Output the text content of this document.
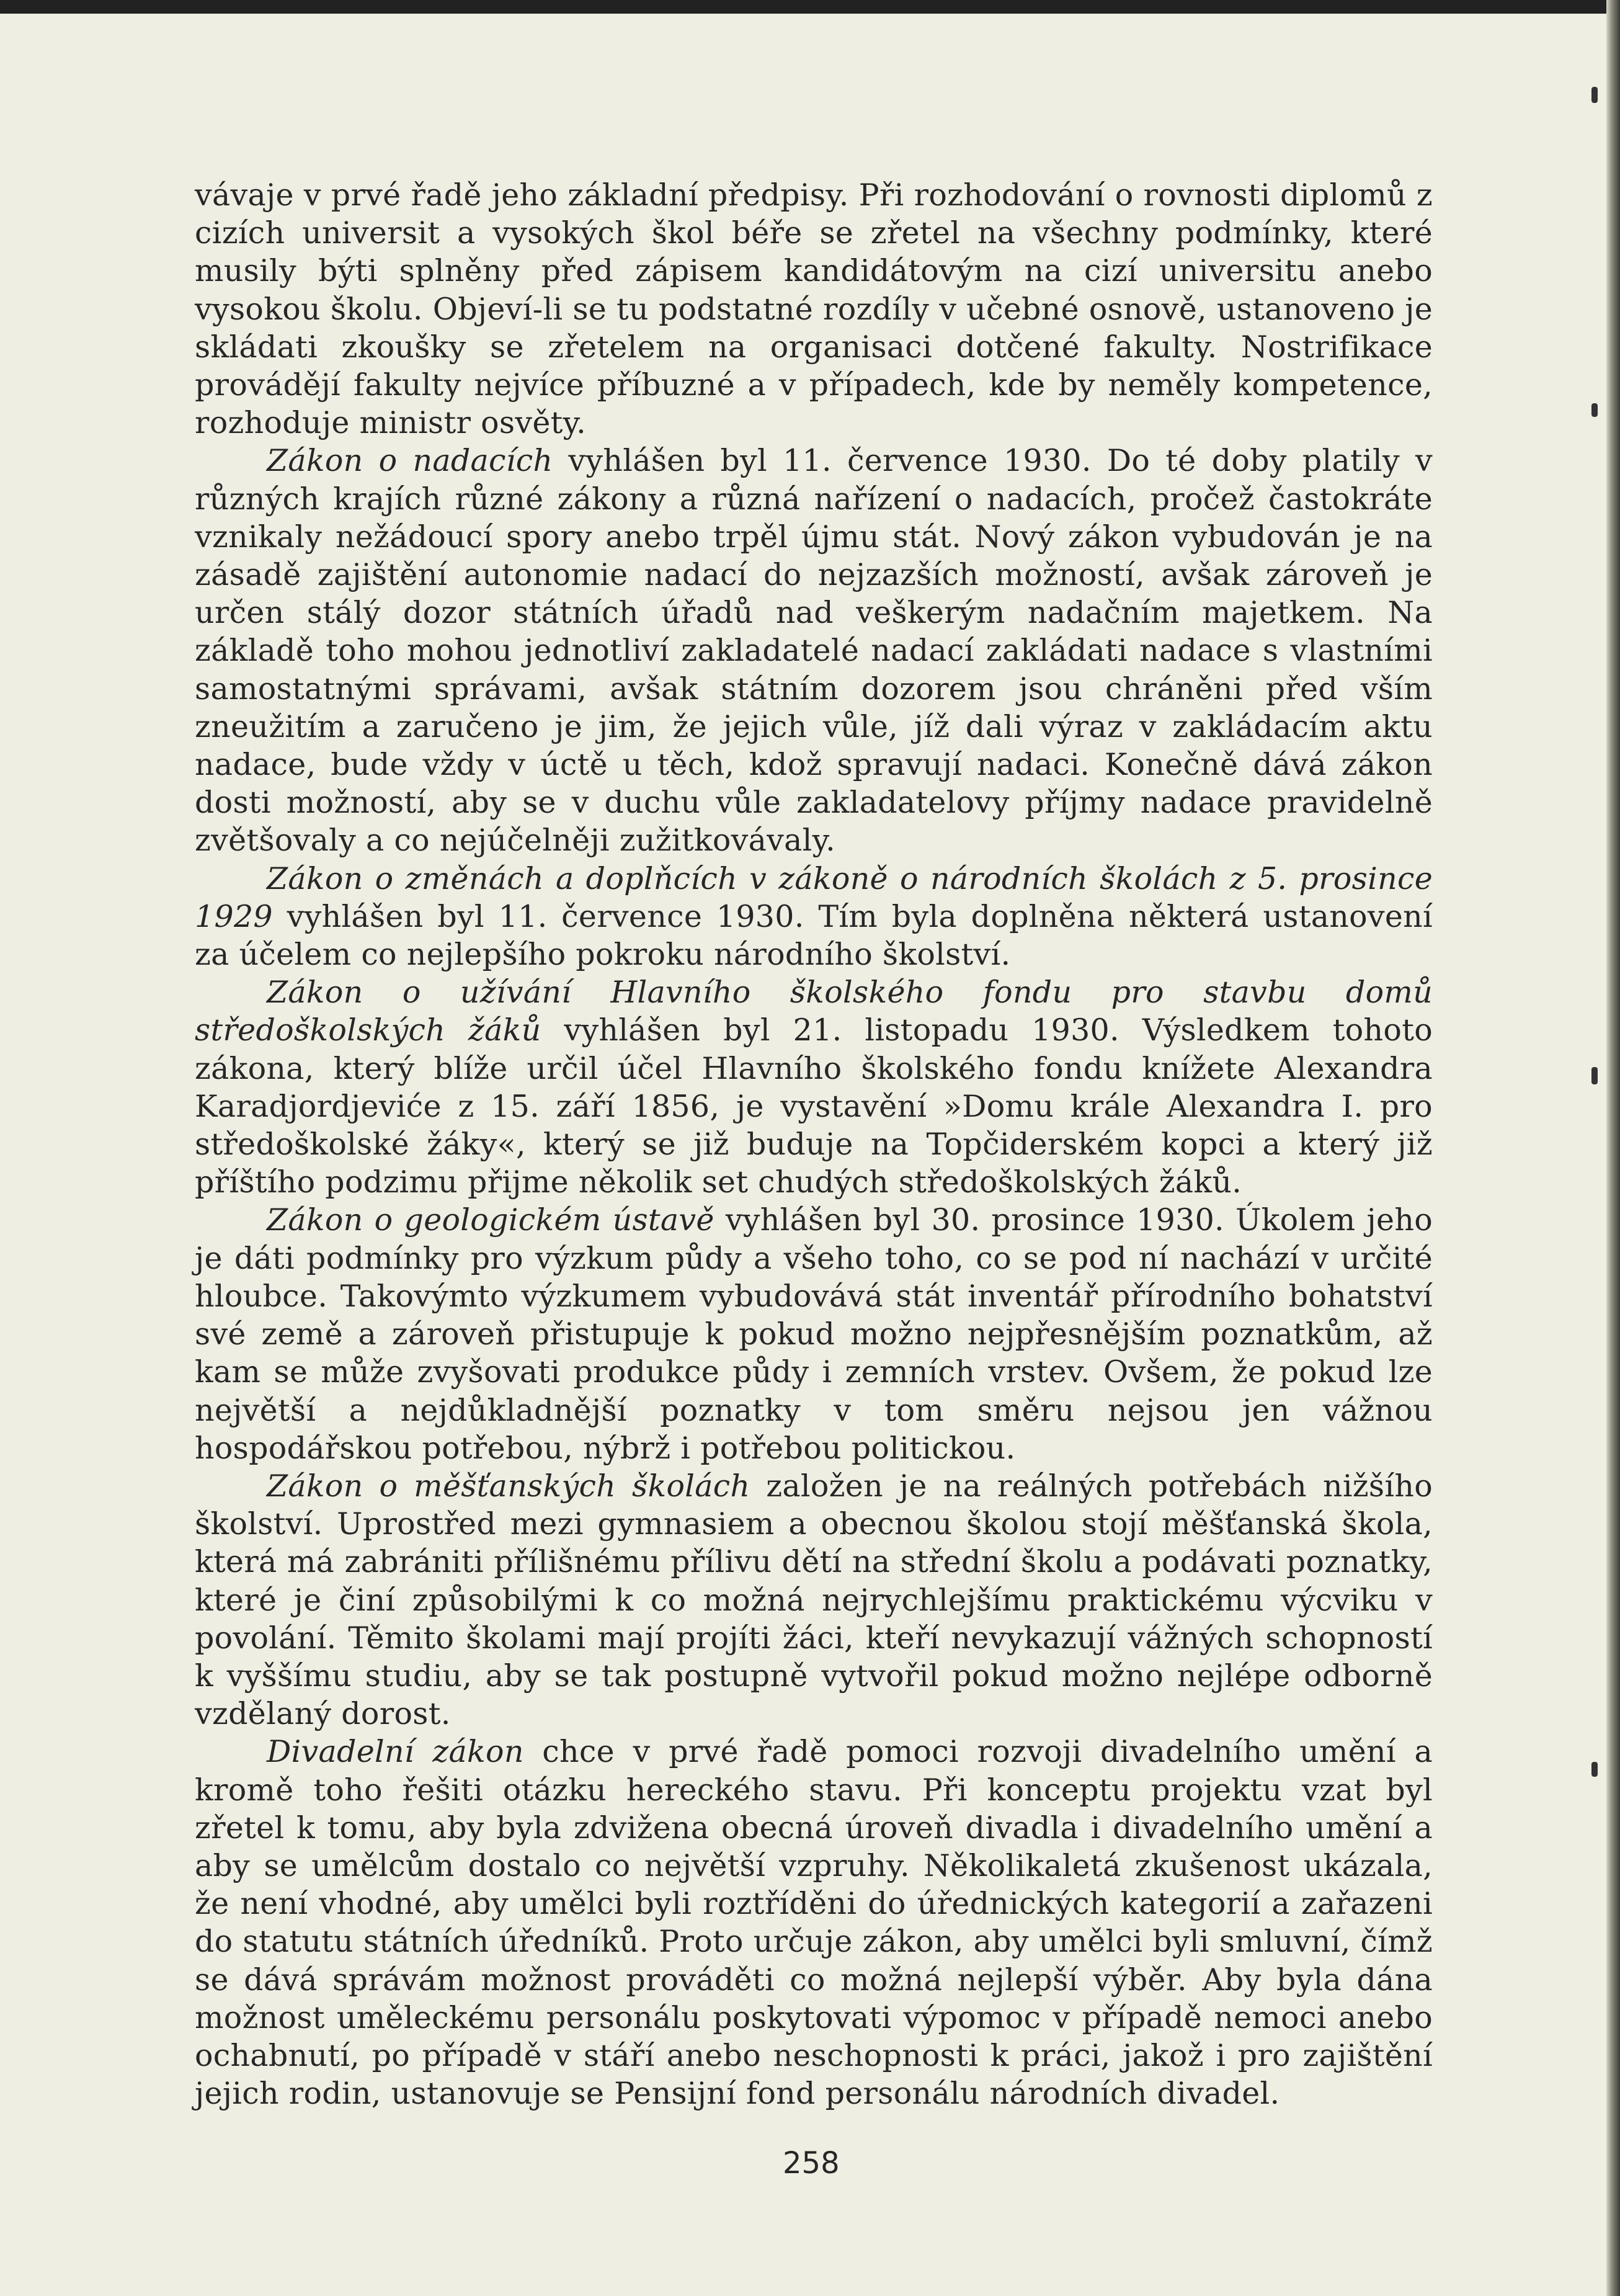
vávaje v prvé řadě jeho základní předpisy. Při rozhodování o rovnosti diplomů z cizích universit a vysokých škol béře se zřetel na všechny podmínky, které musily býti splněny před zápisem kandidátovým na cizí universitu anebo vysokou školu. Objeví-li se tu podstatné rozdíly v učebné osnově, ustanoveno je skládati zkoušky se zřetelem na organisaci dotčené fakulty. Nostrifikace provádějí fakulty nejvíce příbuzné a v případech, kde by neměly kompetence, rozhoduje ministr osvěty.

Zákon o nadacích vyhlášen byl 11. července 1930. Do té doby platily v různých krajích různé zákony a různá nařízení o nadacích, pročež častokráte vznikaly nežádoucí spory anebo trpěl újmu stát. Nový zákon vybudován je na zásadě zajištění autonomie nadací do nejzazších možností, avšak zároveň je určen stálý dozor státních úřadů nad veškerým nadačním majetkem. Na základě toho mohou jednotliví zakladatelé nadací zakládati nadace s vlastními samostatnými správami, avšak státním dozorem jsou chráněni před vším zneužitím a zaručeno je jim, že jejich vůle, jíž dali výraz v zakládacím aktu nadace, bude vždy v úctě u těch, kdož spravují nadaci. Konečně dává zákon dosti možností, aby se v duchu vůle zakladatelovy příjmy nadace pravidelně zvětšovaly a co nejúčelněji zužitkovávaly.

Zákon o změnách a doplňcích v zákoně o národních školách z 5. prosince 1929 vyhlášen byl 11. července 1930. Tím byla doplněna některá ustanovení za účelem co nejlepšího pokroku národního školství.

Zákon o užívání Hlavního školského fondu pro stavbu domů středoškolských žáků vyhlášen byl 21. listopadu 1930. Výsledkem tohoto zákona, který blíže určil účel Hlavního školského fondu knížete Alexandra Karadjordjeviće z 15. září 1856, je vystavění »Domu krále Alexandra I. pro středoškolské žáky«, který se již buduje na Topčiderském kopci a který již příštího podzimu přijme několik set chudých středoškolských žáků.

Zákon o geologickém ústavě vyhlášen byl 30. prosince 1930. Úkolem jeho je dáti podmínky pro výzkum půdy a všeho toho, co se pod ní nachází v určité hloubce. Takovýmto výzkumem vybudovává stát inventář přírodního bohatství své země a zároveň přistupuje k pokud možno nejpřesnějším poznatkům, až kam se může zvyšovati produkce půdy i zemních vrstev. Ovšem, že pokud lze největší a nejdůkladnější poznatky v tom směru nejsou jen vážnou hospodářskou potřebou, nýbrž i potřebou politickou.

Zákon o měšťanských školách založen je na reálných potřebách nižšího školství. Uprostřed mezi gymnasiem a obecnou školou stojí měšťanská škola, která má zabrániti přílišnému přílivu dětí na střední školu a podávati poznatky, které je činí způsobilými k co možná nejrychlejšímu praktickému výcviku v povolání. Těmito školami mají projíti žáci, kteří nevykazují vážných schopností k vyššímu studiu, aby se tak postupně vytvořil pokud možno nejlépe odborně vzdělaný dorost.

Divadelní zákon chce v prvé řadě pomoci rozvoji divadelního umění a kromě toho řešiti otázku hereckého stavu. Při konceptu projektu vzat byl zřetel k tomu, aby byla zdvižena obecná úroveň divadla i divadelního umění a aby se umělcům dostalo co největší vzpruhy. Několikaletá zkušenost ukázala, že není vhodné, aby umělci byli roztříděni do úřednických kategorií a zařazeni do statutu státních úředníků. Proto určuje zákon, aby umělci byli smluvní, čímž se dává správám možnost prováděti co možná nejlepší výběr. Aby byla dána možnost uměleckému personálu poskytovati výpomoc v případě nemoci anebo ochabnutí, po případě v stáří anebo neschopnosti k práci, jakož i pro zajištění jejich rodin, ustanovuje se Pensijní fond personálu národních divadel.

258
